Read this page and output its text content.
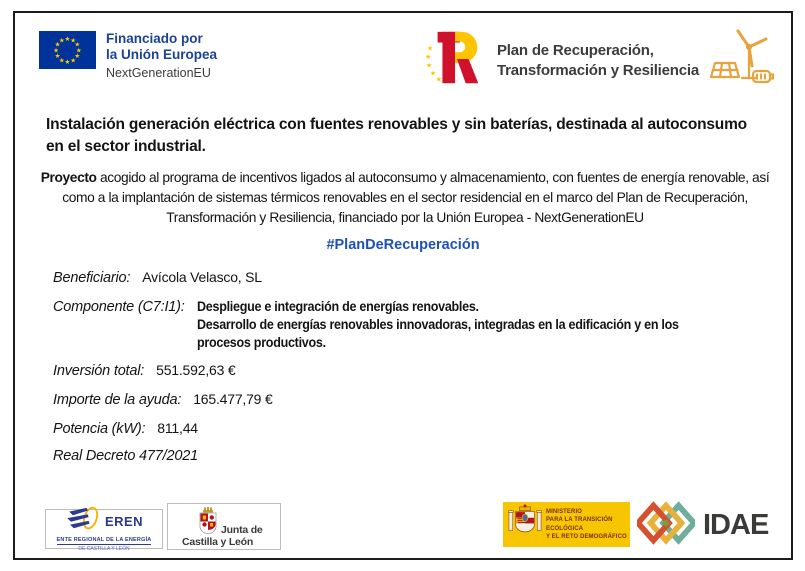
★ ★
★
★
★
★
★
★
★
★
★
★	Financiado por
la Unión Europea
NextGenerationEU
★
★
★
★
★
Plan de Recuperación,
Transformación y Resiliencia
Instalación generación eléctrica con fuentes renovables y sin baterías, destinada al autoconsumo en el sector industrial.
Proyecto acogido al programa de incentivos ligados al autoconsumo y almacenamiento, con fuentes de energía renovable, así como a la implantación de sistemas térmicos renovables en el sector residencial en el marco del Plan de Recuperación, Transformación y Resiliencia, financiado por la Unión Europea - NextGenerationEU
#PlanDeRecuperación
Beneficiario: Avícola Velasco, SL
Componente (C7:I1): Despliegue e integración de energías renovables.
Desarrollo de energías renovables innovadoras, integradas en la edificación y en los
procesos productivos.
Inversión total: 551.592,63 €
Importe de la ayuda: 165.477,79 €
Potencia (kW): 811,44
Real Decreto 477/2021
EREN
ENTE REGIONAL DE LA ENERGÍA
DE CASTILLA Y LEÓN
Junta de
Castilla y León
MINISTERIO
PARA LA TRANSICIÓN ECOLÓGICA
Y EL RETO DEMOGRÁFICO	IDAE
